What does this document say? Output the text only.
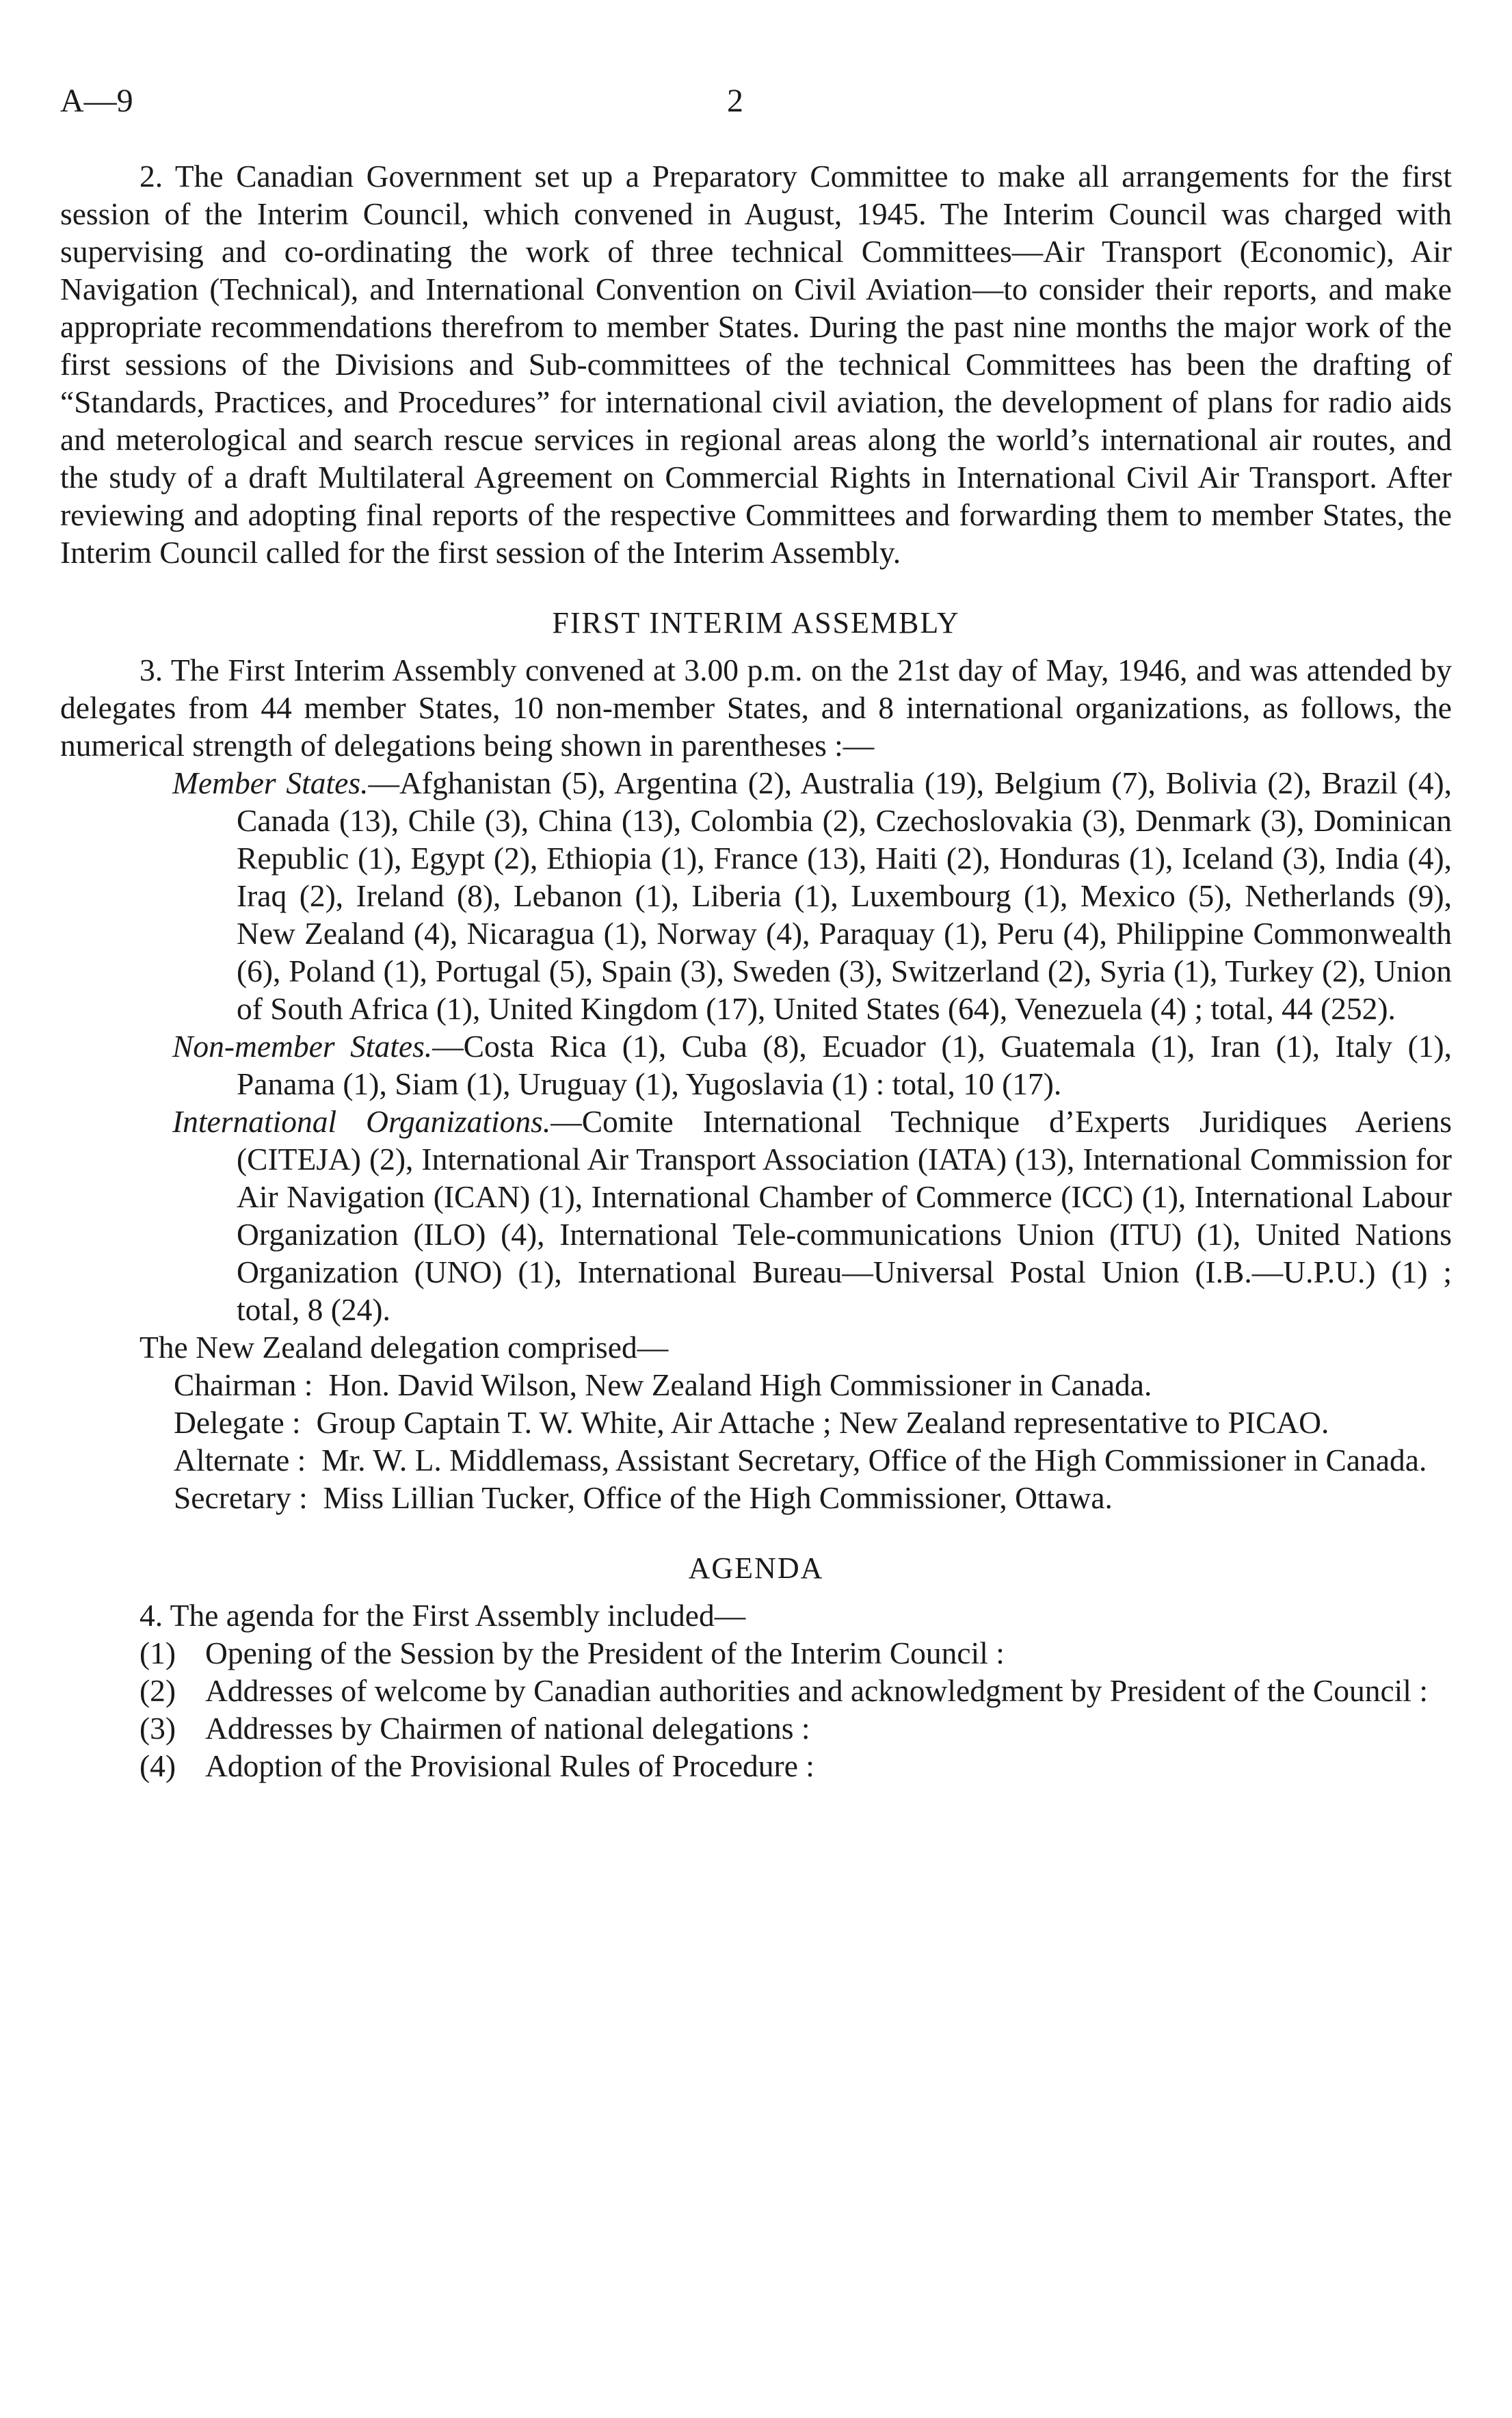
A—9	2

2. The Canadian Government set up a Preparatory Committee to make all arrangements for the first session of the Interim Council, which convened in August, 1945. The Interim Council was charged with supervising and co-ordinating the work of three technical Committees—Air Transport (Economic), Air Navigation (Technical), and International Convention on Civil Aviation—to consider their reports, and make appropriate recommendations therefrom to member States. During the past nine months the major work of the first sessions of the Divisions and Sub-committees of the technical Committees has been the drafting of “Standards, Practices, and Procedures” for international civil aviation, the development of plans for radio aids and meterological and search rescue services in regional areas along the world’s international air routes, and the study of a draft Multilateral Agreement on Commercial Rights in International Civil Air Transport. After reviewing and adopting final reports of the respective Committees and forwarding them to member States, the Interim Council called for the first session of the Interim Assembly.

FIRST INTERIM ASSEMBLY

3. The First Interim Assembly convened at 3.00 p.m. on the 21st day of May, 1946, and was attended by delegates from 44 member States, 10 non-member States, and 8 international organizations, as follows, the numerical strength of delegations being shown in parentheses :—

Member States.—Afghanistan (5), Argentina (2), Australia (19), Belgium (7), Bolivia (2), Brazil (4), Canada (13), Chile (3), China (13), Colombia (2), Czechoslovakia (3), Denmark (3), Dominican Republic (1), Egypt (2), Ethiopia (1), France (13), Haiti (2), Honduras (1), Iceland (3), India (4), Iraq (2), Ireland (8), Lebanon (1), Liberia (1), Luxembourg (1), Mexico (5), Netherlands (9), New Zealand (4), Nicaragua (1), Norway (4), Paraquay (1), Peru (4), Philippine Commonwealth (6), Poland (1), Portugal (5), Spain (3), Sweden (3), Switzerland (2), Syria (1), Turkey (2), Union of South Africa (1), United Kingdom (17), United States (64), Venezuela (4) ; total, 44 (252).

Non-member States.—Costa Rica (1), Cuba (8), Ecuador (1), Guatemala (1), Iran (1), Italy (1), Panama (1), Siam (1), Uruguay (1), Yugoslavia (1) : total, 10 (17).

International Organizations.—Comite International Technique d’Experts Juridiques Aeriens (CITEJA) (2), International Air Transport Association (IATA) (13), International Commission for Air Navigation (ICAN) (1), International Chamber of Commerce (ICC) (1), International Labour Organization (ILO) (4), International Tele-communications Union (ITU) (1), United Nations Organization (UNO) (1), International Bureau—Universal Postal Union (I.B.—U.P.U.) (1) ; total, 8 (24).

The New Zealand delegation comprised—

Chairman : Hon. David Wilson, New Zealand High Commissioner in Canada.

Delegate : Group Captain T. W. White, Air Attache ; New Zealand representative to PICAO.

Alternate : Mr. W. L. Middlemass, Assistant Secretary, Office of the High Commissioner in Canada.

Secretary : Miss Lillian Tucker, Office of the High Commissioner, Ottawa.

AGENDA

4. The agenda for the First Assembly included—

(1) Opening of the Session by the President of the Interim Council :
(2) Addresses of welcome by Canadian authorities and acknowledgment by President of the Council :
(3) Addresses by Chairmen of national delegations :
(4) Adoption of the Provisional Rules of Procedure :
